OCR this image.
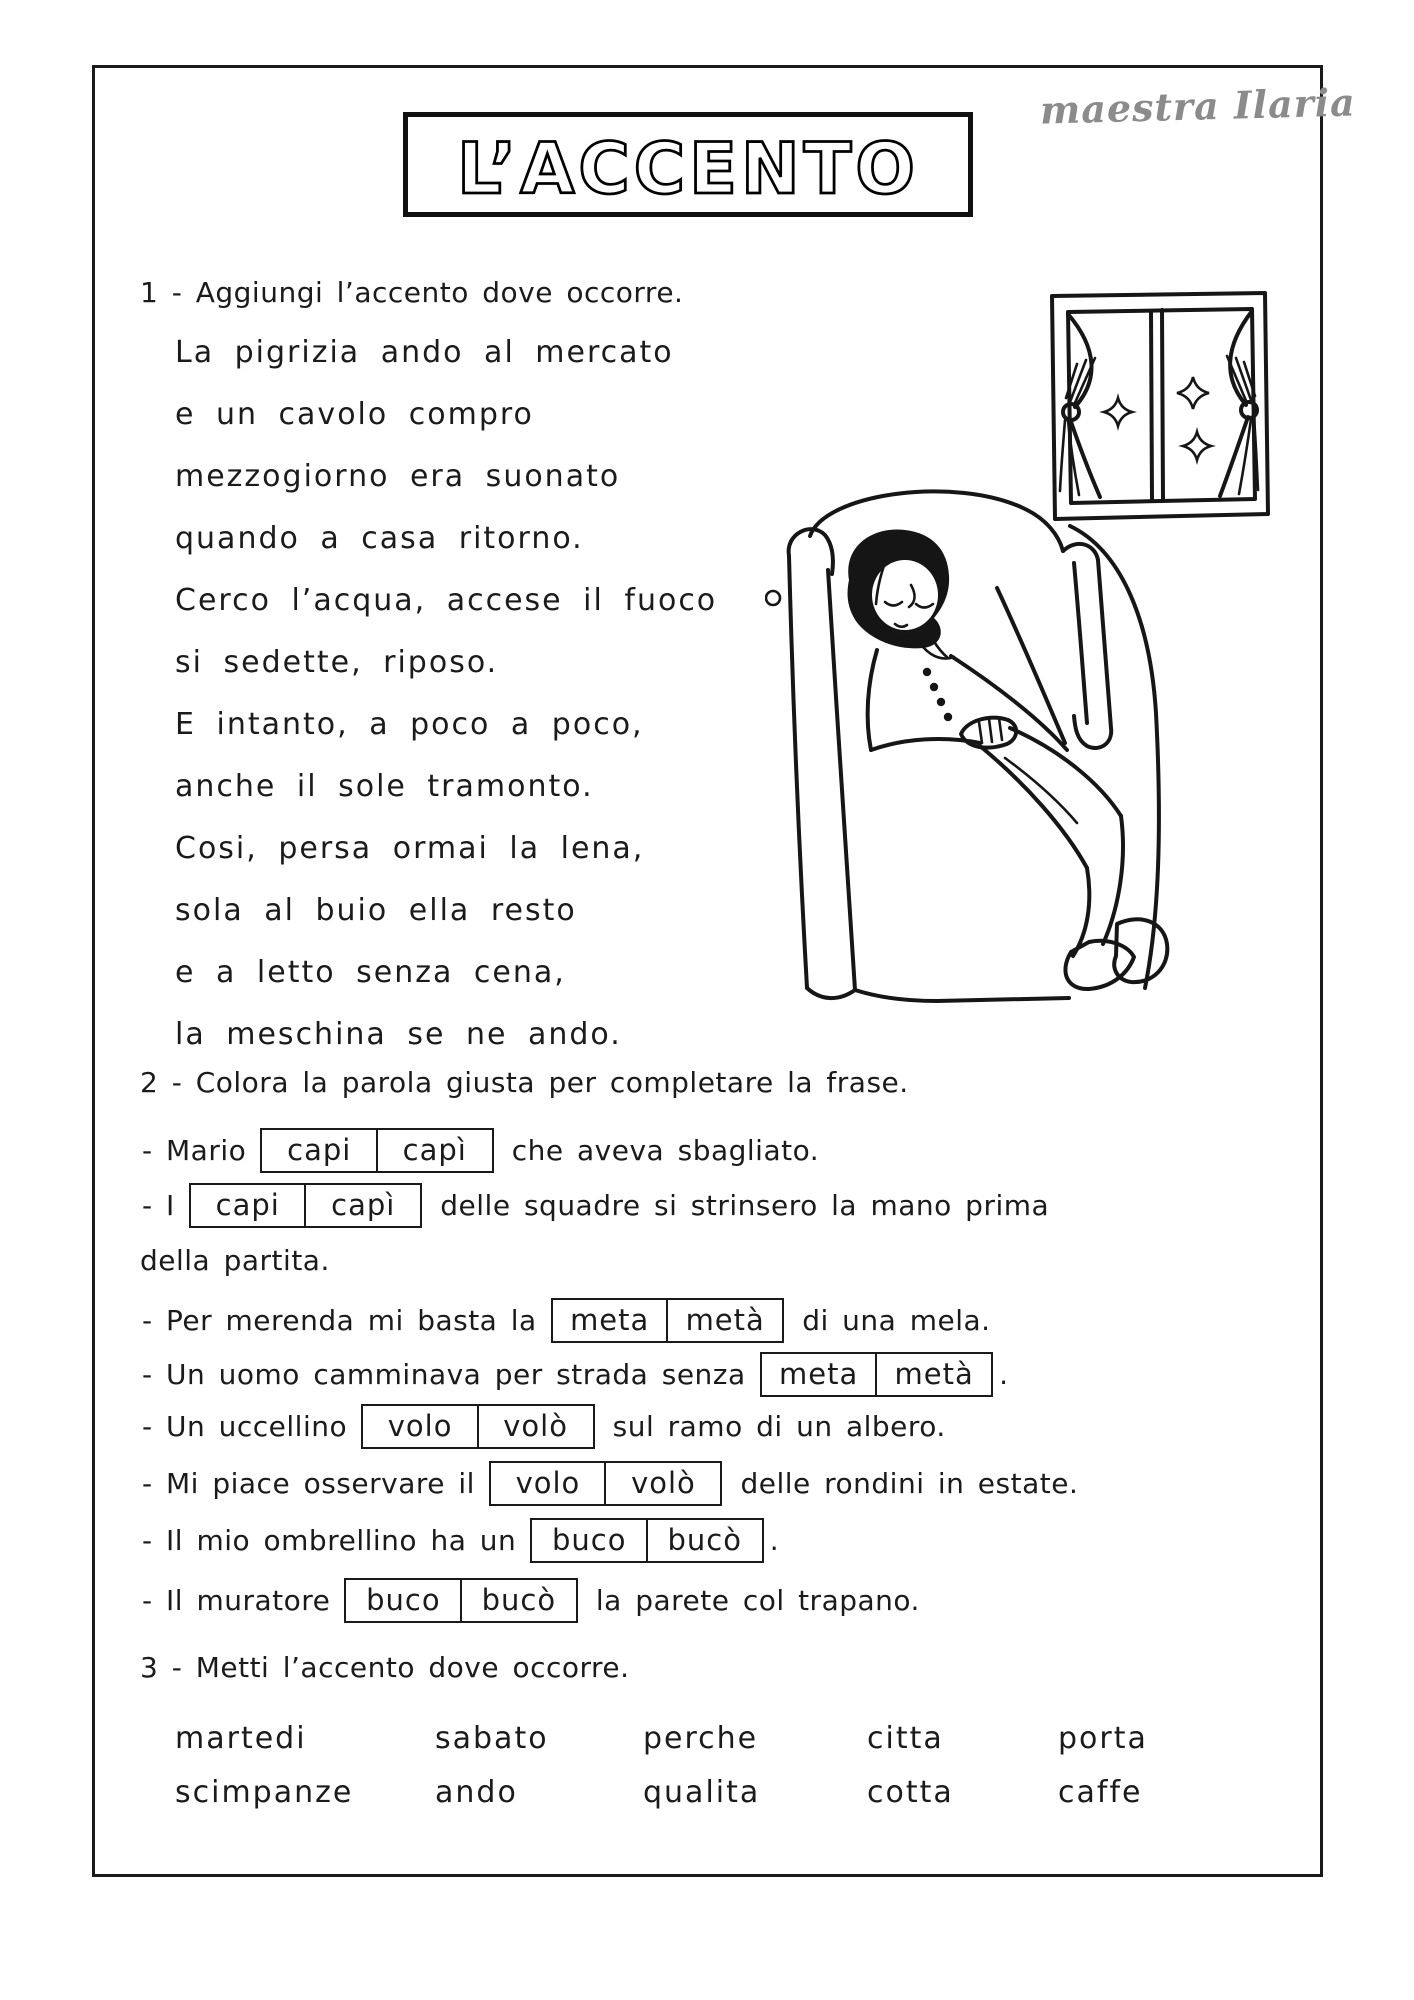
L’ACCENTO
maestra Ilaria
1 - Aggiungi l’accento dove occorre.
La pigrizia ando al mercato
e un cavolo compro
mezzogiorno era suonato
quando a casa ritorno.
Cerco l’acqua, accese il fuoco
si sedette, riposo.
E intanto, a poco a poco,
anche il sole tramonto.
Cosi, persa ormai la lena,
sola al buio ella resto
e a letto senza cena,
la meschina se ne ando.
2 - Colora la parola giusta per completare la frase.
- Mario	capi	capì	che aveva sbagliato.
- I	capi	capì	delle squadre si strinsero la mano prima
della partita.
- Per merenda mi basta la	meta	metà	di una mela.
- Un uomo camminava per strada senza	meta	metà .
- Un uccellino	volo	volò	sul ramo di un albero.
- Mi piace osservare il	volo	volò	delle rondini in estate.
- Il mio ombrellino ha un	buco	bucò .
- Il muratore	buco	bucò	la parete col trapano.
3 - Metti l’accento dove occorre.
martedi	sabato	perche	citta	porta
scimpanze	ando	qualita	cotta	caffe
